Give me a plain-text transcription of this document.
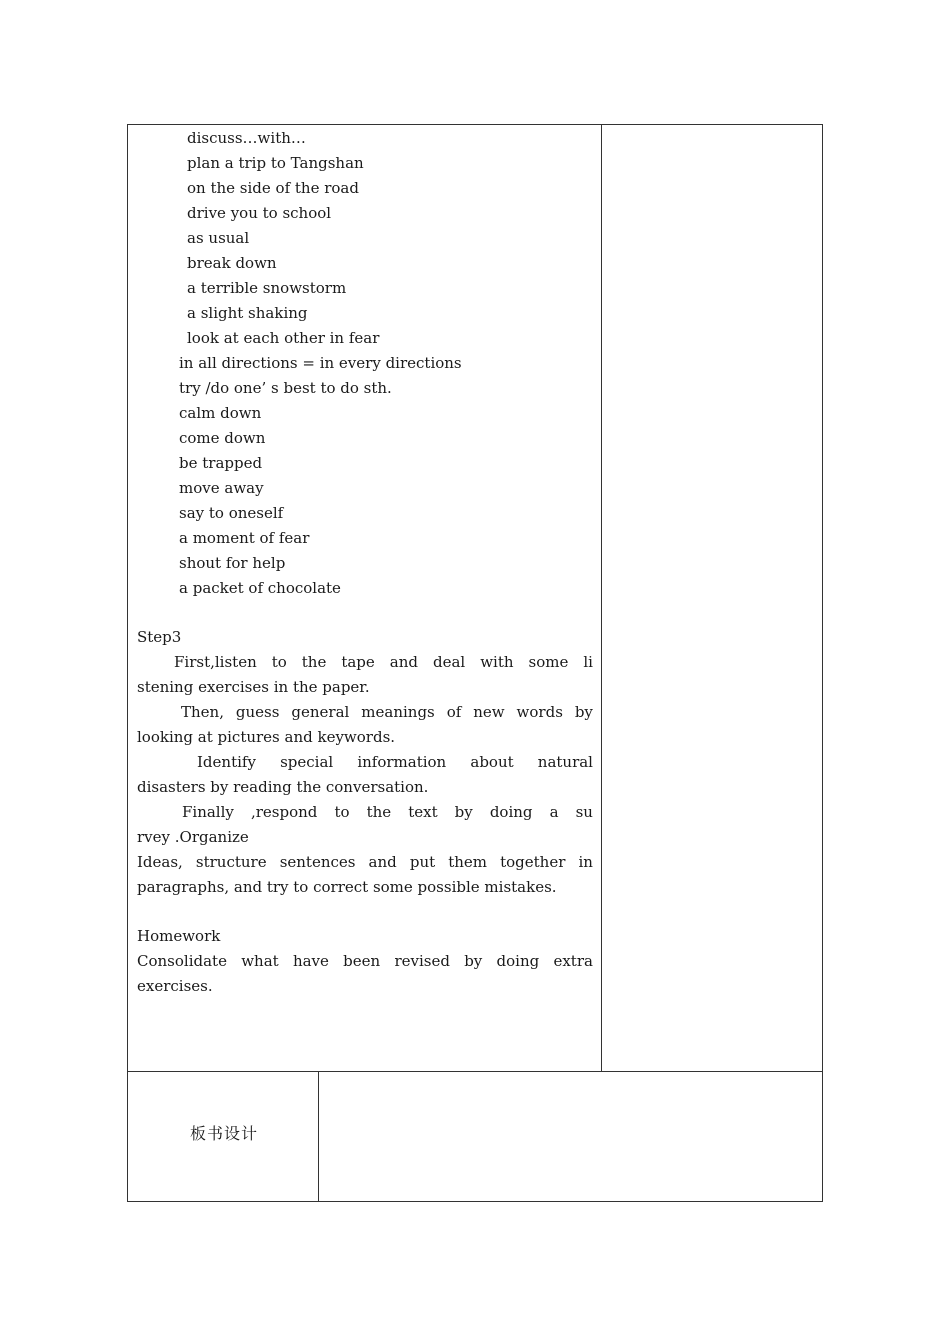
discuss…with…
plan a trip to Tangshan
on the side of the road
drive you to school
as usual
break down
a terrible snowstorm
a slight shaking
look at each other in fear
in all directions = in every directions
try /do one’ s best to do sth.
calm down
come down
be trapped
move away
say to oneself
a moment of fear
shout for help
a packet of chocolate
Step3
First,listen to the tape and deal with some li
stening exercises in the paper.
Then, guess general meanings of new words by
looking at pictures and keywords.
Identify special information about natural
disasters by reading the conversation.
Finally ,respond to the text by doing a su
rvey .Organize
Ideas, structure sentences and put them together in
paragraphs, and try to correct some possible mistakes.
Homework
Consolidate what have been revised by doing extra
exercises.
板书设计
